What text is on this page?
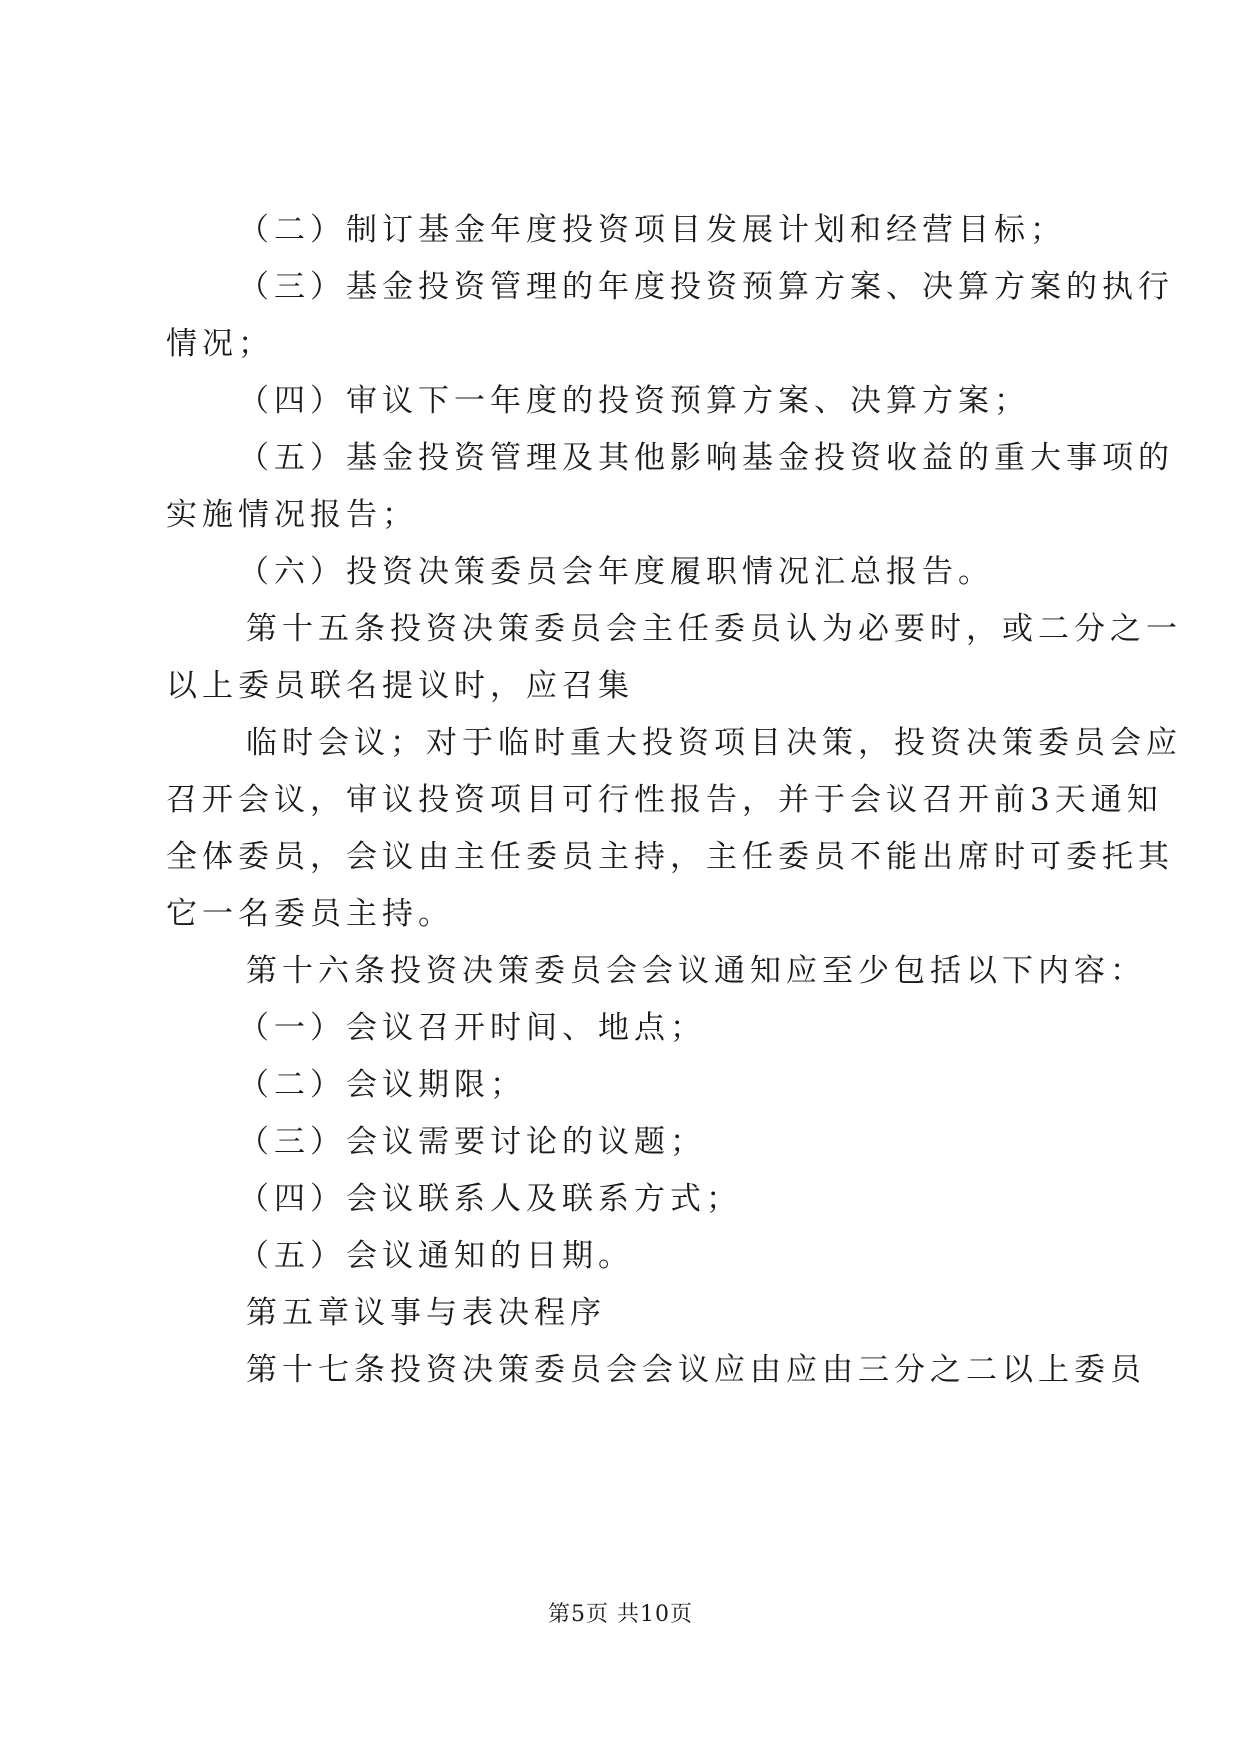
（二）制订基金年度投资项目发展计划和经营目标；
（三）基金投资管理的年度投资预算方案、决算方案的执行
情况；
（四）审议下一年度的投资预算方案、决算方案；
（五）基金投资管理及其他影响基金投资收益的重大事项的
实施情况报告；
（六）投资决策委员会年度履职情况汇总报告。
第十五条投资决策委员会主任委员认为必要时，或二分之一
以上委员联名提议时，应召集
临时会议；对于临时重大投资项目决策，投资决策委员会应
召开会议，审议投资项目可行性报告，并于会议召开前3天通知
全体委员，会议由主任委员主持，主任委员不能出席时可委托其
它一名委员主持。
第十六条投资决策委员会会议通知应至少包括以下内容：
（一）会议召开时间、地点；
（二）会议期限；
（三）会议需要讨论的议题；
（四）会议联系人及联系方式；
（五）会议通知的日期。
第五章议事与表决程序
第十七条投资决策委员会会议应由应由三分之二以上委员
第5页 共10页
